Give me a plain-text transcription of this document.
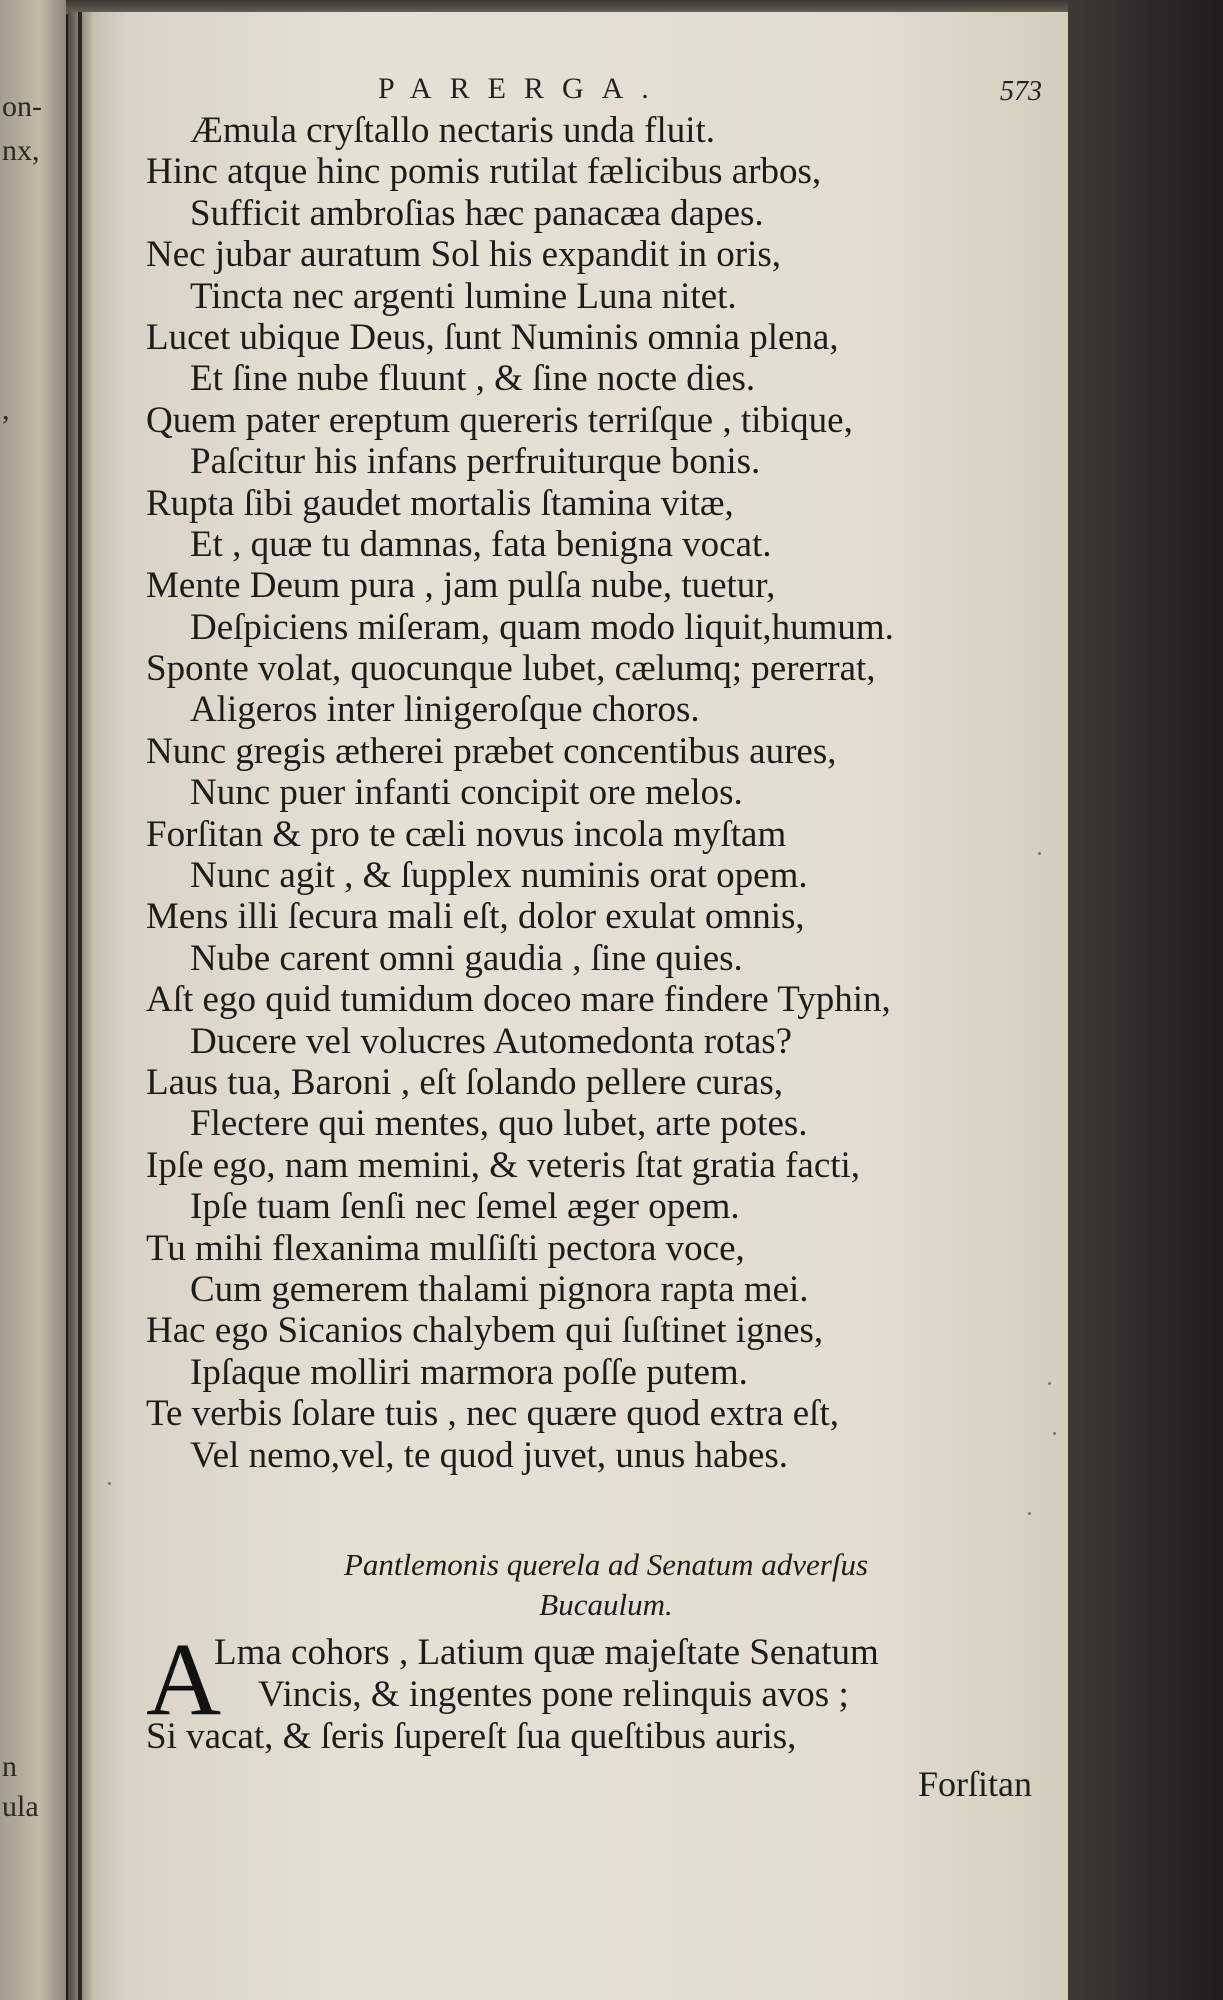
on-
nx,
,
n
ula
PARERGA.	573
Æmula cryſtallo nectaris unda fluit.
Hinc atque hinc pomis rutilat fælicibus arbos,
Sufficit ambroſias hæc panacæa dapes.
Nec jubar auratum Sol his expandit in oris,
Tincta nec argenti lumine Luna nitet.
Lucet ubique Deus, ſunt Numinis omnia plena,
Et ſine nube fluunt , & ſine nocte dies.
Quem pater ereptum quereris terriſque , tibique,
Paſcitur his infans perfruiturque bonis.
Rupta ſibi gaudet mortalis ſtamina vitæ,
Et , quæ tu damnas, fata benigna vocat.
Mente Deum pura , jam pulſa nube, tuetur,
Deſpiciens miſeram, quam modo liquit,humum.
Sponte volat, quocunque lubet, cælumq; pererrat,
Aligeros inter linigeroſque choros.
Nunc gregis ætherei præbet concentibus aures,
Nunc puer infanti concipit ore melos.
Forſitan & pro te cæli novus incola myſtam
Nunc agit , & ſupplex numinis orat opem.
Mens illi ſecura mali eſt, dolor exulat omnis,
Nube carent omni gaudia , ſine quies.
Aſt ego quid tumidum doceo mare findere Typhin,
Ducere vel volucres Automedonta rotas?
Laus tua, Baroni , eſt ſolando pellere curas,
Flectere qui mentes, quo lubet, arte potes.
Ipſe ego, nam memini, & veteris ſtat gratia facti,
Ipſe tuam ſenſi nec ſemel æger opem.
Tu mihi flexanima mulſiſti pectora voce,
Cum gemerem thalami pignora rapta mei.
Hac ego Sicanios chalybem qui ſuſtinet ignes,
Ipſaque molliri marmora poſſe putem.
Te verbis ſolare tuis , nec quære quod extra eſt,
Vel nemo,vel, te quod juvet, unus habes.
Pantlemonis querela ad Senatum adverſus
Bucaulum.
A
Lma cohors , Latium quæ majeſtate Senatum
Vincis, & ingentes pone relinquis avos ;
Si vacat, & ſeris ſupereſt ſua queſtibus auris,
Forſitan
